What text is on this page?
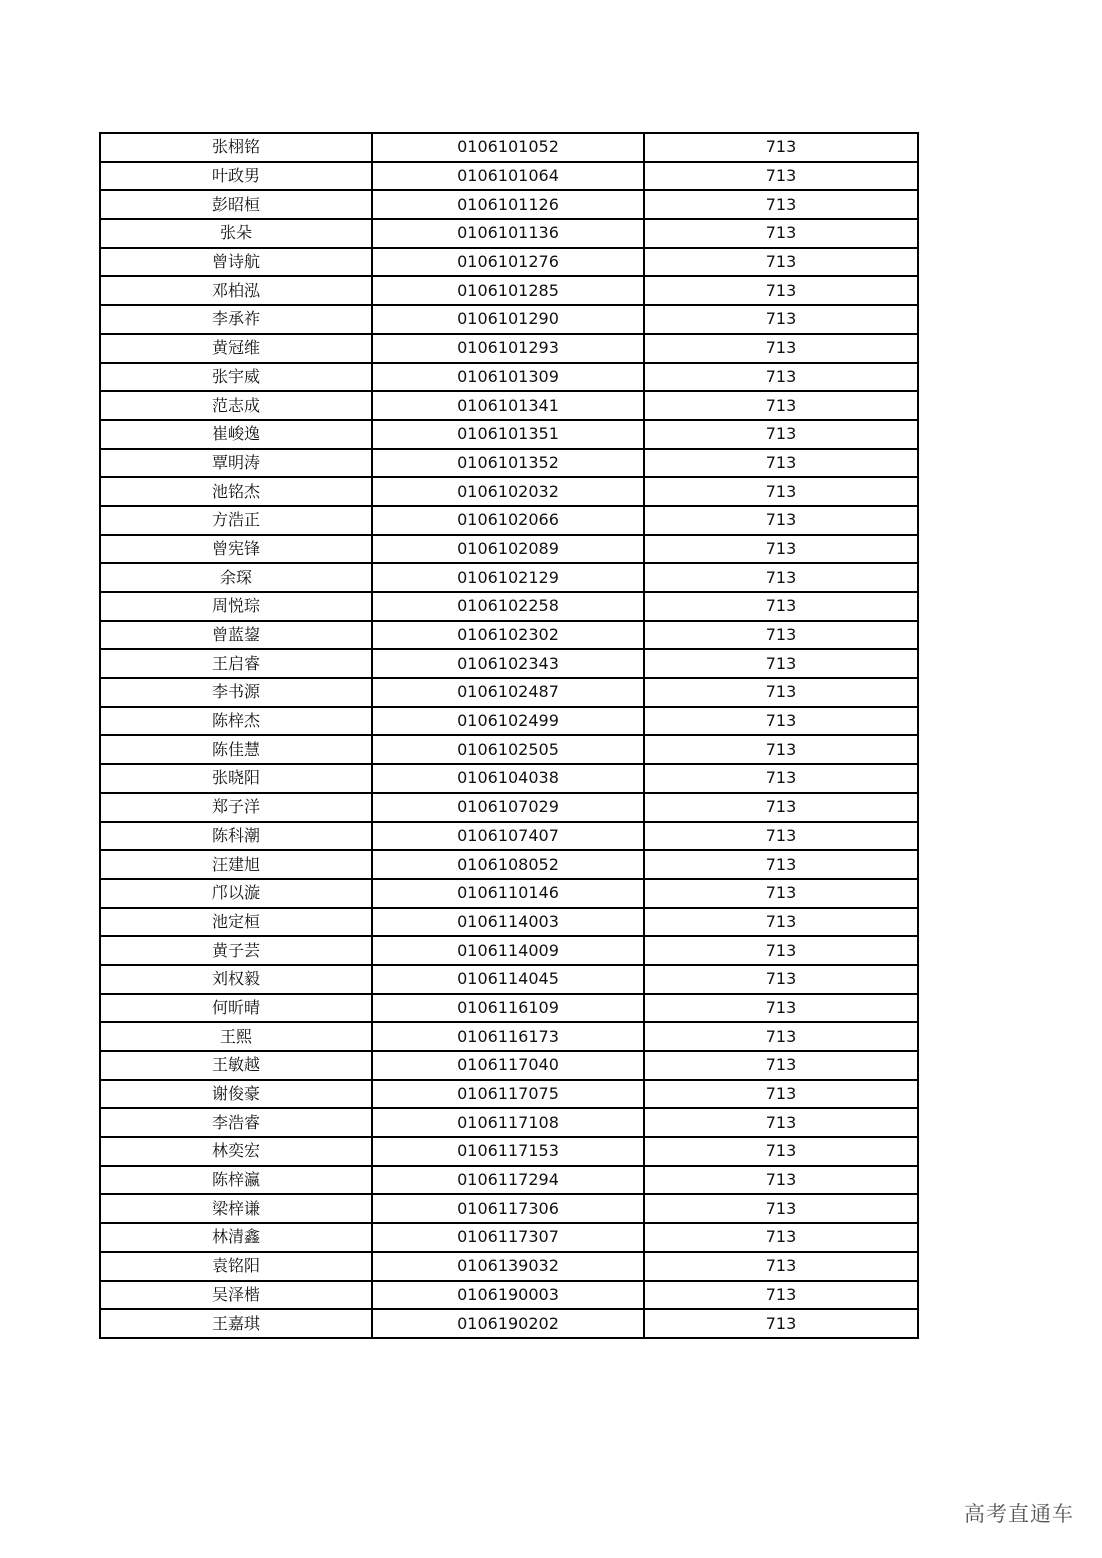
张栩铭	0106101052	713
叶政男	0106101064	713
彭昭桓	0106101126	713
张朵	0106101136	713
曾诗航	0106101276	713
邓柏泓	0106101285	713
李承祚	0106101290	713
黄冠维	0106101293	713
张宇威	0106101309	713
范志成	0106101341	713
崔峻逸	0106101351	713
覃明涛	0106101352	713
池铭杰	0106102032	713
方浩正	0106102066	713
曾宪锋	0106102089	713
余琛	0106102129	713
周悦琮	0106102258	713
曾蓝鋆	0106102302	713
王启睿	0106102343	713
李书源	0106102487	713
陈梓杰	0106102499	713
陈佳慧	0106102505	713
张晓阳	0106104038	713
郑子洋	0106107029	713
陈科潮	0106107407	713
汪建旭	0106108052	713
邝以漩	0106110146	713
池定桓	0106114003	713
黄子芸	0106114009	713
刘权毅	0106114045	713
何昕晴	0106116109	713
王熙	0106116173	713
王敏越	0106117040	713
谢俊豪	0106117075	713
李浩睿	0106117108	713
林奕宏	0106117153	713
陈梓瀛	0106117294	713
梁梓谦	0106117306	713
林清鑫	0106117307	713
袁铭阳	0106139032	713
吴泽楷	0106190003	713
王嘉琪	0106190202	713
高考直通车
